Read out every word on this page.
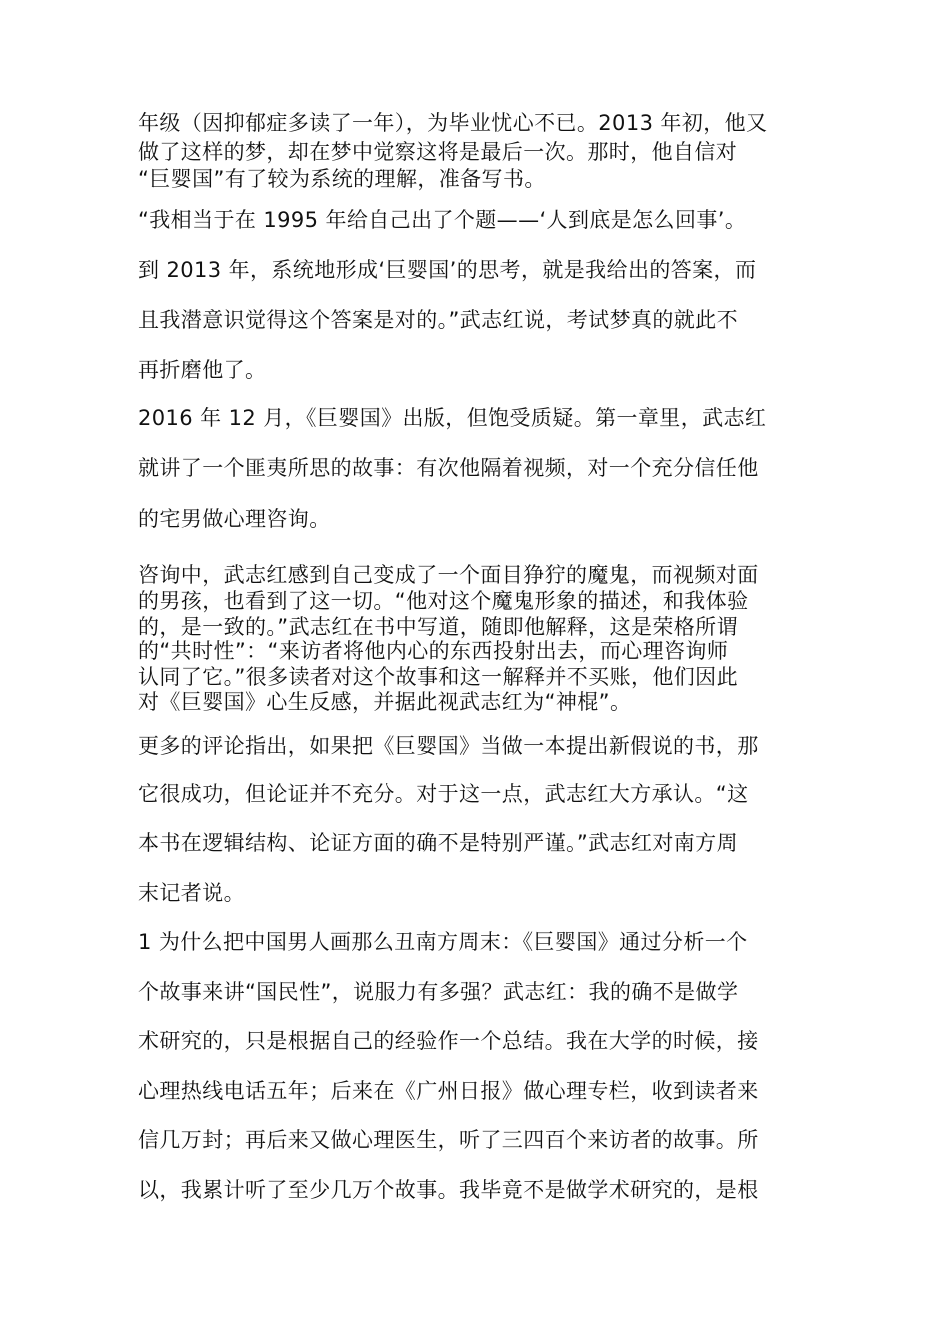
年级（因抑郁症多读了一年），为毕业忧心不已。2013 年初，他又
做了这样的梦，却在梦中觉察这将是最后一次。那时，他自信对
“巨婴国”有了较为系统的理解，准备写书。
“我相当于在 1995 年给自己出了个题——‘人到底是怎么回事’。
到 2013 年，系统地形成‘巨婴国’的思考，就是我给出的答案，而
且我潜意识觉得这个答案是对的。”武志红说，考试梦真的就此不
再折磨他了。
2016 年 12 月，《巨婴国》出版，但饱受质疑。第一章里，武志红
就讲了一个匪夷所思的故事：有次他隔着视频，对一个充分信任他
的宅男做心理咨询。
咨询中，武志红感到自己变成了一个面目狰狞的魔鬼，而视频对面
的男孩，也看到了这一切。“他对这个魔鬼形象的描述，和我体验
的，是一致的。”武志红在书中写道，随即他解释，这是荣格所谓
的“共时性”：“来访者将他内心的东西投射出去，而心理咨询师
认同了它。”很多读者对这个故事和这一解释并不买账，他们因此
对《巨婴国》心生反感，并据此视武志红为“神棍”。
更多的评论指出，如果把《巨婴国》当做一本提出新假说的书，那
它很成功，但论证并不充分。对于这一点，武志红大方承认。“这
本书在逻辑结构、论证方面的确不是特别严谨。”武志红对南方周
末记者说。
1 为什么把中国男人画那么丑南方周末：《巨婴国》通过分析一个
个故事来讲“国民性”，说服力有多强？武志红：我的确不是做学
术研究的，只是根据自己的经验作一个总结。我在大学的时候，接
心理热线电话五年；后来在《广州日报》做心理专栏，收到读者来
信几万封；再后来又做心理医生，听了三四百个来访者的故事。所
以，我累计听了至少几万个故事。我毕竟不是做学术研究的，是根
